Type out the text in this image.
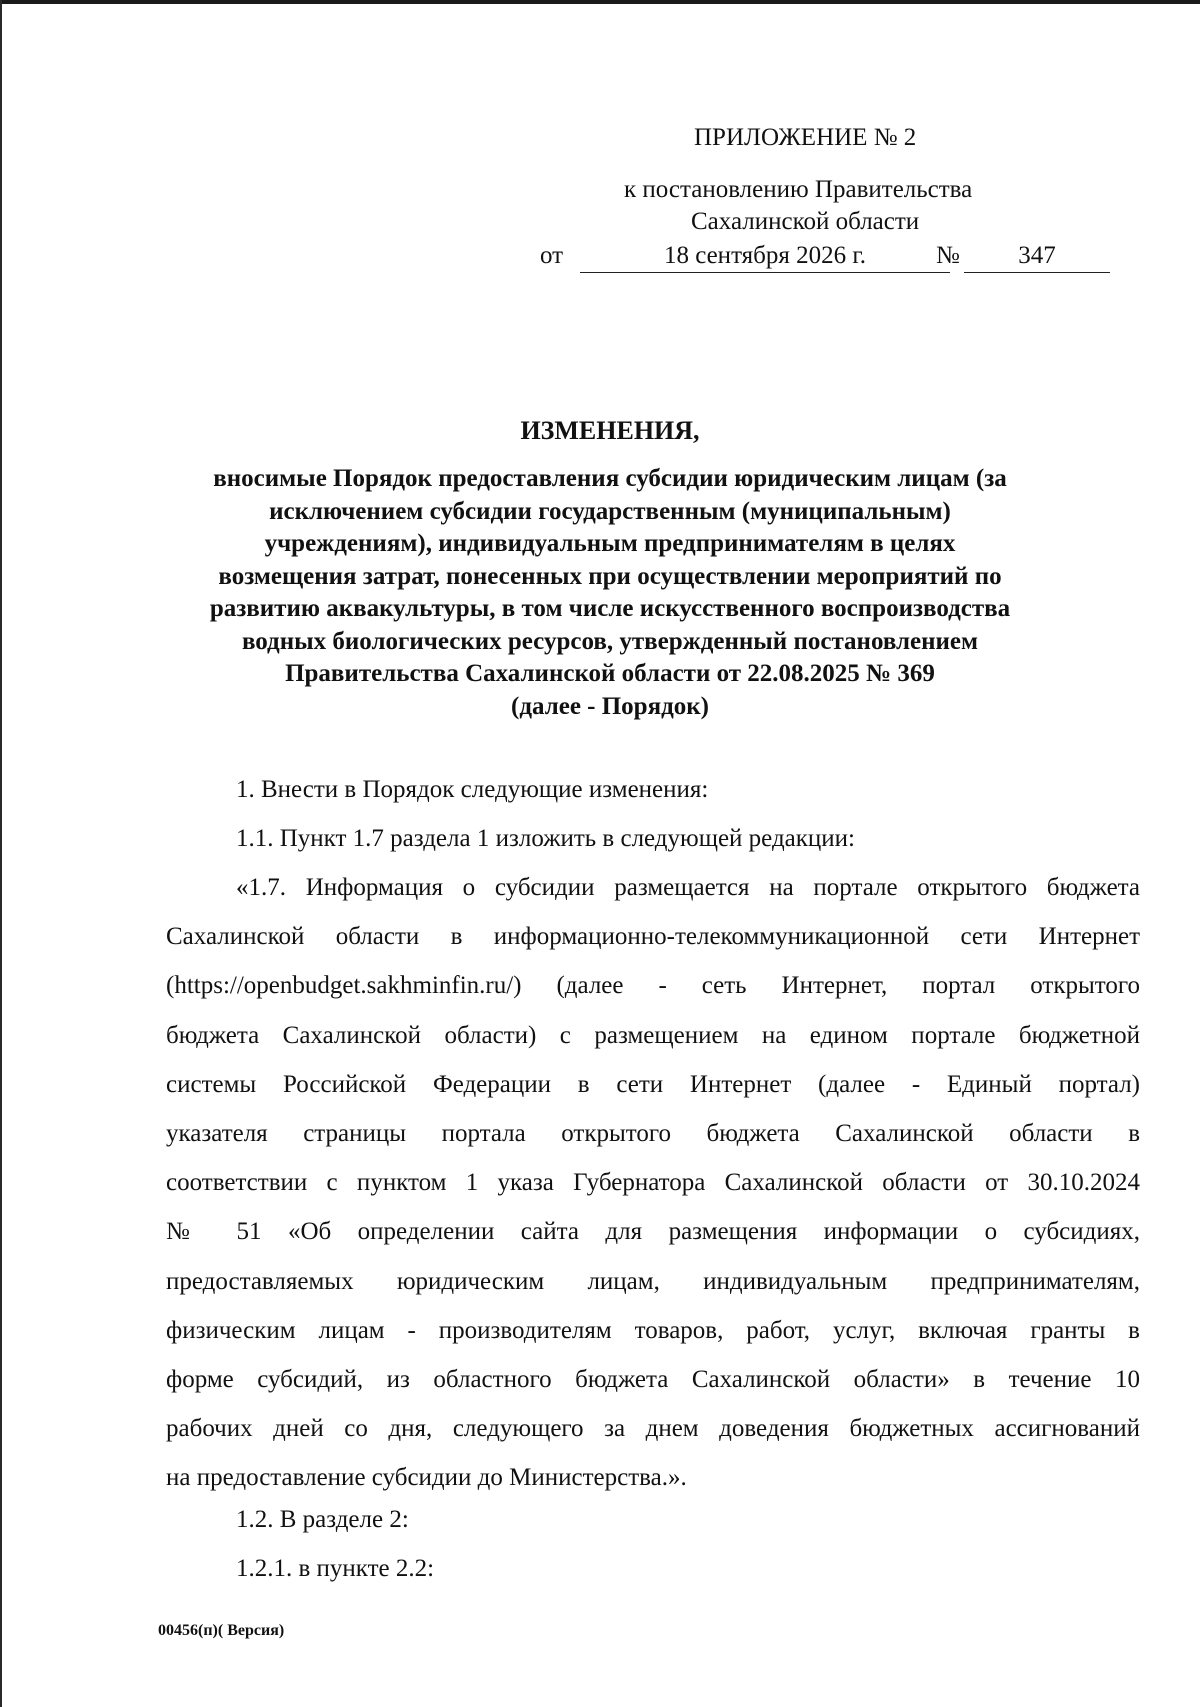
ПРИЛОЖЕНИЕ № 2
к постановлению Правительства
Сахалинской области
от	18 сентября 2026 г.	№	347
ИЗМЕНЕНИЯ,
вносимые Порядок предоставления субсидии юридическим лицам (за
исключением субсидии государственным (муниципальным)
учреждениям), индивидуальным предпринимателям в целях
возмещения затрат, понесенных при осуществлении мероприятий по
развитию аквакультуры, в том числе искусственного воспроизводства
водных биологических ресурсов, утвержденный постановлением
Правительства Сахалинской области от 22.08.2025 № 369
(далее - Порядок)
1. Внести в Порядок следующие изменения:
1.1. Пункт 1.7 раздела 1 изложить в следующей редакции:
«1.7. Информация о субсидии размещается на портале открытого бюджета
Сахалинской области в информационно-телекоммуникационной сети Интернет
(https://openbudget.sakhminfin.ru/) (далее - сеть Интернет, портал открытого
бюджета Сахалинской области) с размещением на едином портале бюджетной
системы Российской Федерации в сети Интернет (далее - Единый портал)
указателя страницы портала открытого бюджета Сахалинской области в
соответствии с пунктом 1 указа Губернатора Сахалинской области от 30.10.2024
№ 51 «Об определении сайта для размещения информации о субсидиях,
предоставляемых юридическим лицам, индивидуальным предпринимателям,
физическим лицам - производителям товаров, работ, услуг, включая гранты в
форме субсидий, из областного бюджета Сахалинской области» в течение 10
рабочих дней со дня, следующего за днем доведения бюджетных ассигнований
на предоставление субсидии до Министерства.».
1.2. В разделе 2:
1.2.1. в пункте 2.2:
00456(п)( Версия)
